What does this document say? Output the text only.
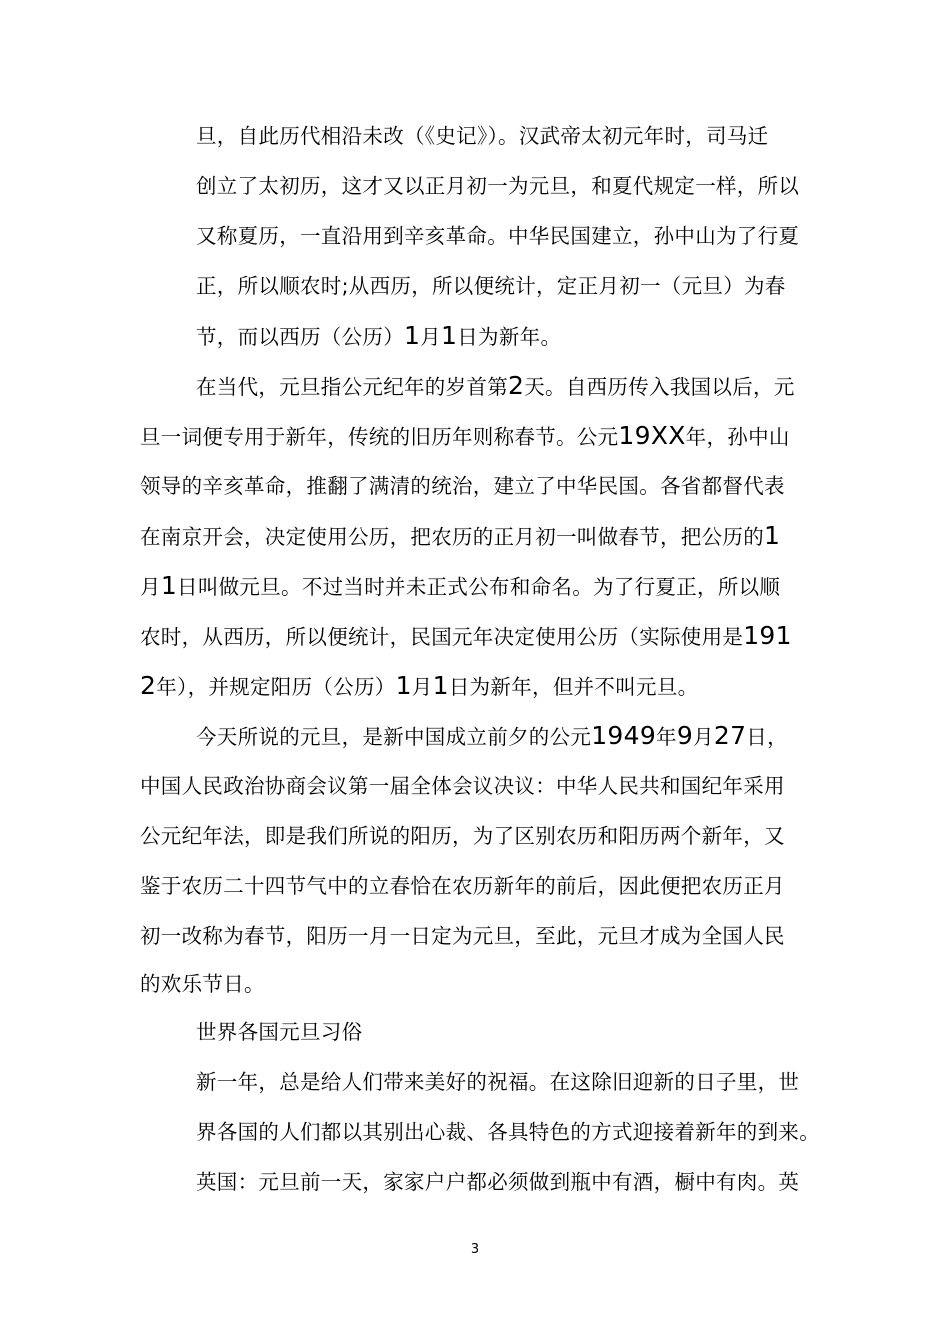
旦，自此历代相沿未改（《史记》）。汉武帝太初元年时，司马迁
创立了太初历，这才又以正月初一为元旦，和夏代规定一样，所以
又称夏历，一直沿用到辛亥革命。中华民国建立，孙中山为了行夏
正，所以顺农时;从西历，所以便统计，定正月初一（元旦）为春
节，而以西历（公历）1月1日为新年。
在当代，元旦指公元纪年的岁首第2天。自西历传入我国以后，元
旦一词便专用于新年，传统的旧历年则称春节。公元19XX年，孙中山
领导的辛亥革命，推翻了满清的统治，建立了中华民国。各省都督代表
在南京开会，决定使用公历，把农历的正月初一叫做春节，把公历的1
月1日叫做元旦。不过当时并未正式公布和命名。为了行夏正，所以顺
农时，从西历，所以便统计，民国元年决定使用公历（实际使用是191
2年），并规定阳历（公历）1月1日为新年，但并不叫元旦。
今天所说的元旦，是新中国成立前夕的公元1949年9月27日，
中国人民政治协商会议第一届全体会议决议：中华人民共和国纪年采用
公元纪年法，即是我们所说的阳历，为了区别农历和阳历两个新年，又
鉴于农历二十四节气中的立春恰在农历新年的前后，因此便把农历正月
初一改称为春节，阳历一月一日定为元旦，至此，元旦才成为全国人民
的欢乐节日。
世界各国元旦习俗
新一年，总是给人们带来美好的祝福。在这除旧迎新的日子里，世
界各国的人们都以其别出心裁、各具特色的方式迎接着新年的到来。
英国：元旦前一天，家家户户都必须做到瓶中有酒，橱中有肉。英
3
